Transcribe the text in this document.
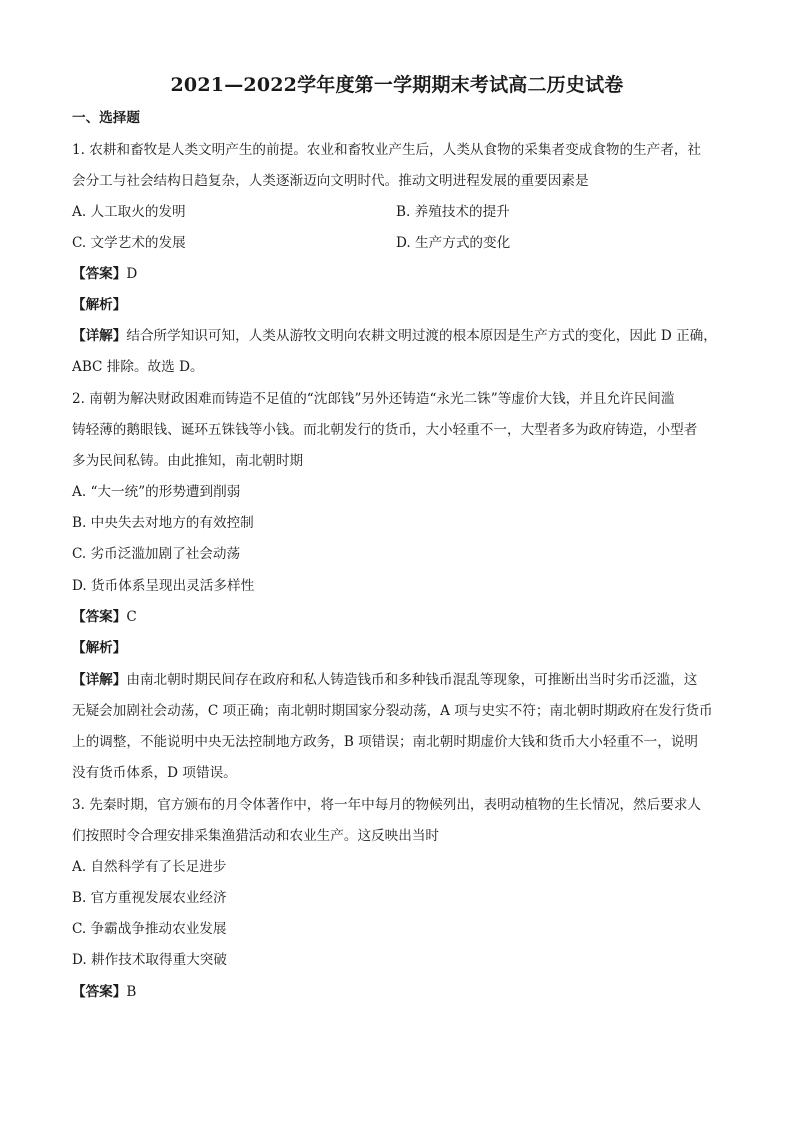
2021—2022学年度第一学期期末考试高二历史试卷
一、选择题
1. 农耕和畜牧是人类文明产生的前提。农业和畜牧业产生后，人类从食物的采集者变成食物的生产者，社
会分工与社会结构日趋复杂，人类逐渐迈向文明时代。推动文明进程发展的重要因素是
A. 人工取火的发明	B. 养殖技术的提升
C. 文学艺术的发展	D. 生产方式的变化
【答案】D
【解析】
【详解】结合所学知识可知，人类从游牧文明向农耕文明过渡的根本原因是生产方式的变化，因此 D 正确，
ABC 排除。故选 D。
2. 南朝为解决财政困难而铸造不足值的“沈郎钱”另外还铸造“永光二铢”等虚价大钱，并且允许民间滥
铸轻薄的鹅眼钱、诞环五铢钱等小钱。而北朝发行的货币，大小轻重不一，大型者多为政府铸造，小型者
多为民间私铸。由此推知，南北朝时期
A. “大一统”的形势遭到削弱
B. 中央失去对地方的有效控制
C. 劣币泛滥加剧了社会动荡
D. 货币体系呈现出灵活多样性
【答案】C
【解析】
【详解】由南北朝时期民间存在政府和私人铸造钱币和多种钱币混乱等现象，可推断出当时劣币泛滥，这
无疑会加剧社会动荡，C 项正确；南北朝时期国家分裂动荡，A 项与史实不符；南北朝时期政府在发行货币
上的调整，不能说明中央无法控制地方政务，B 项错误；南北朝时期虚价大钱和货币大小轻重不一，说明
没有货币体系，D 项错误。
3. 先秦时期，官方颁布的月令体著作中，将一年中每月的物候列出，表明动植物的生长情况，然后要求人
们按照时令合理安排采集渔猎活动和农业生产。这反映出当时
A. 自然科学有了长足进步
B. 官方重视发展农业经济
C. 争霸战争推动农业发展
D. 耕作技术取得重大突破
【答案】B
